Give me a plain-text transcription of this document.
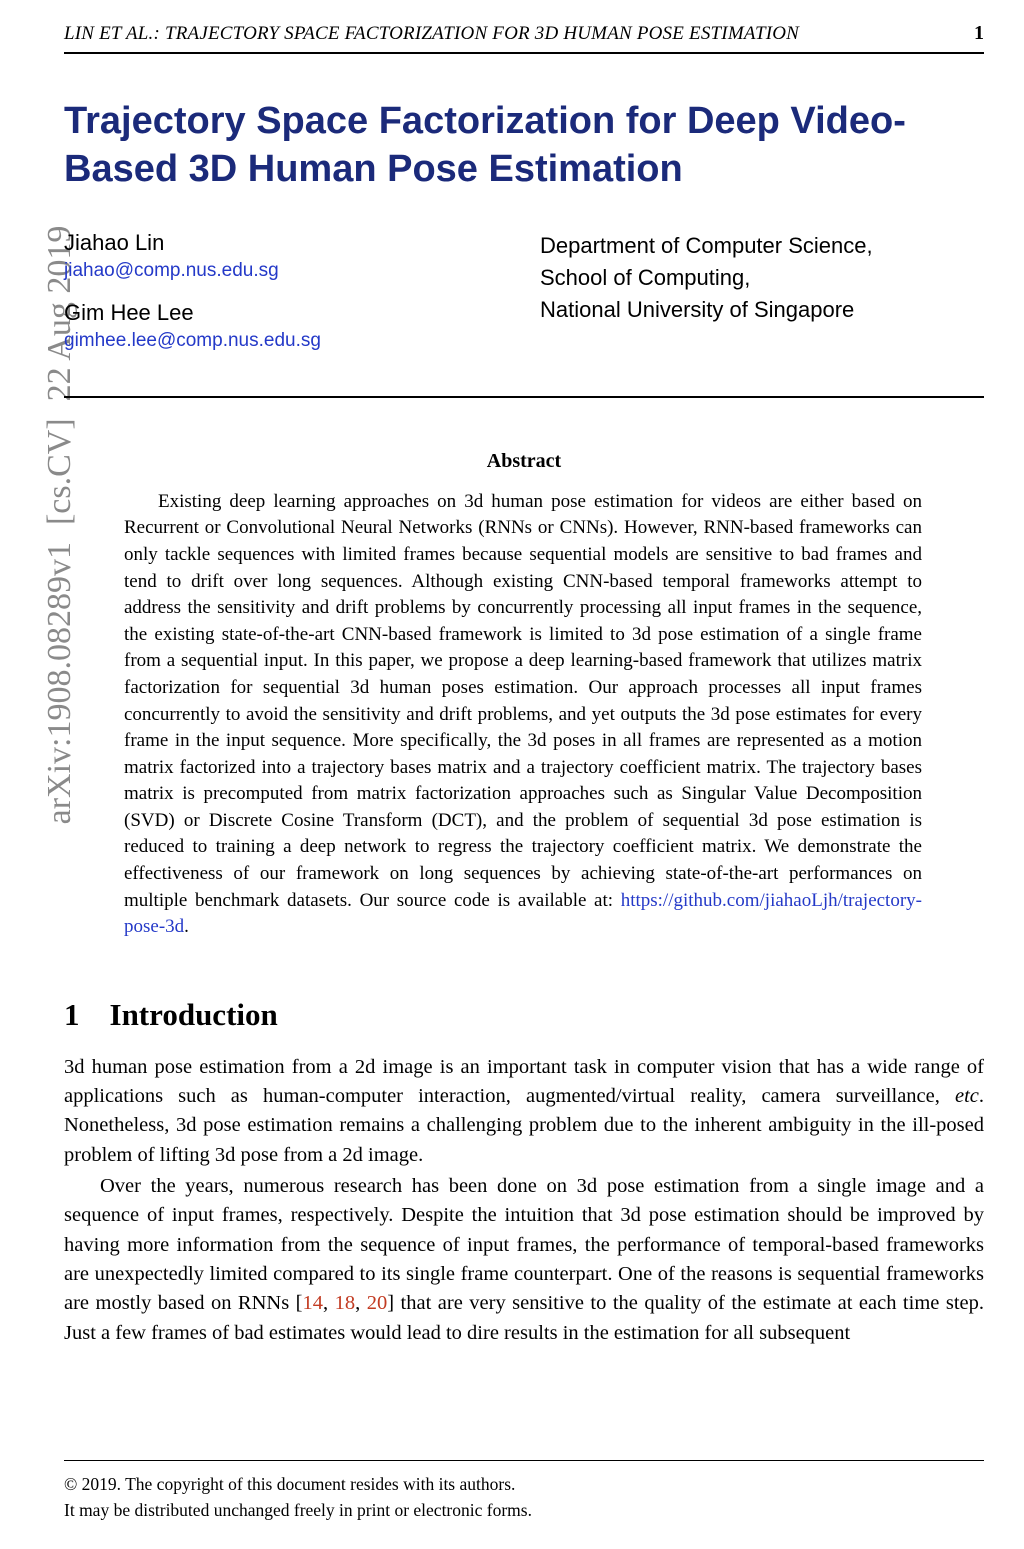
arXiv:1908.08289v1  [cs.CV]  22 Aug 2019
LIN ET AL.: TRAJECTORY SPACE FACTORIZATION FOR 3D HUMAN POSE ESTIMATION	1
Trajectory Space Factorization for Deep Video-Based 3D Human Pose Estimation
Jiahao Lin
jiahao@comp.nus.edu.sg
Gim Hee Lee
gimhee.lee@comp.nus.edu.sg
Department of Computer Science,
School of Computing,
National University of Singapore
Abstract

Existing deep learning approaches on 3d human pose estimation for videos are either based on Recurrent or Convolutional Neural Networks (RNNs or CNNs). However, RNN-based frameworks can only tackle sequences with limited frames because sequential models are sensitive to bad frames and tend to drift over long sequences. Although existing CNN-based temporal frameworks attempt to address the sensitivity and drift problems by concurrently processing all input frames in the sequence, the existing state-of-the-art CNN-based framework is limited to 3d pose estimation of a single frame from a sequential input. In this paper, we propose a deep learning-based framework that utilizes matrix factorization for sequential 3d human poses estimation. Our approach processes all input frames concurrently to avoid the sensitivity and drift problems, and yet outputs the 3d pose estimates for every frame in the input sequence. More specifically, the 3d poses in all frames are represented as a motion matrix factorized into a trajectory bases matrix and a trajectory coefficient matrix. The trajectory bases matrix is precomputed from matrix factorization approaches such as Singular Value Decomposition (SVD) or Discrete Cosine Transform (DCT), and the problem of sequential 3d pose estimation is reduced to training a deep network to regress the trajectory coefficient matrix. We demonstrate the effectiveness of our framework on long sequences by achieving state-of-the-art performances on multiple benchmark datasets. Our source code is available at: https://github.com/jiahaoLjh/trajectory-pose-3d.

1 Introduction

3d human pose estimation from a 2d image is an important task in computer vision that has a wide range of applications such as human-computer interaction, augmented/virtual reality, camera surveillance, etc. Nonetheless, 3d pose estimation remains a challenging problem due to the inherent ambiguity in the ill-posed problem of lifting 3d pose from a 2d image.

Over the years, numerous research has been done on 3d pose estimation from a single image and a sequence of input frames, respectively. Despite the intuition that 3d pose estimation should be improved by having more information from the sequence of input frames, the performance of temporal-based frameworks are unexpectedly limited compared to its single frame counterpart. One of the reasons is sequential frameworks are mostly based on RNNs [14, 18, 20] that are very sensitive to the quality of the estimate at each time step. Just a few frames of bad estimates would lead to dire results in the estimation for all subsequent

© 2019. The copyright of this document resides with its authors.
It may be distributed unchanged freely in print or electronic forms.
